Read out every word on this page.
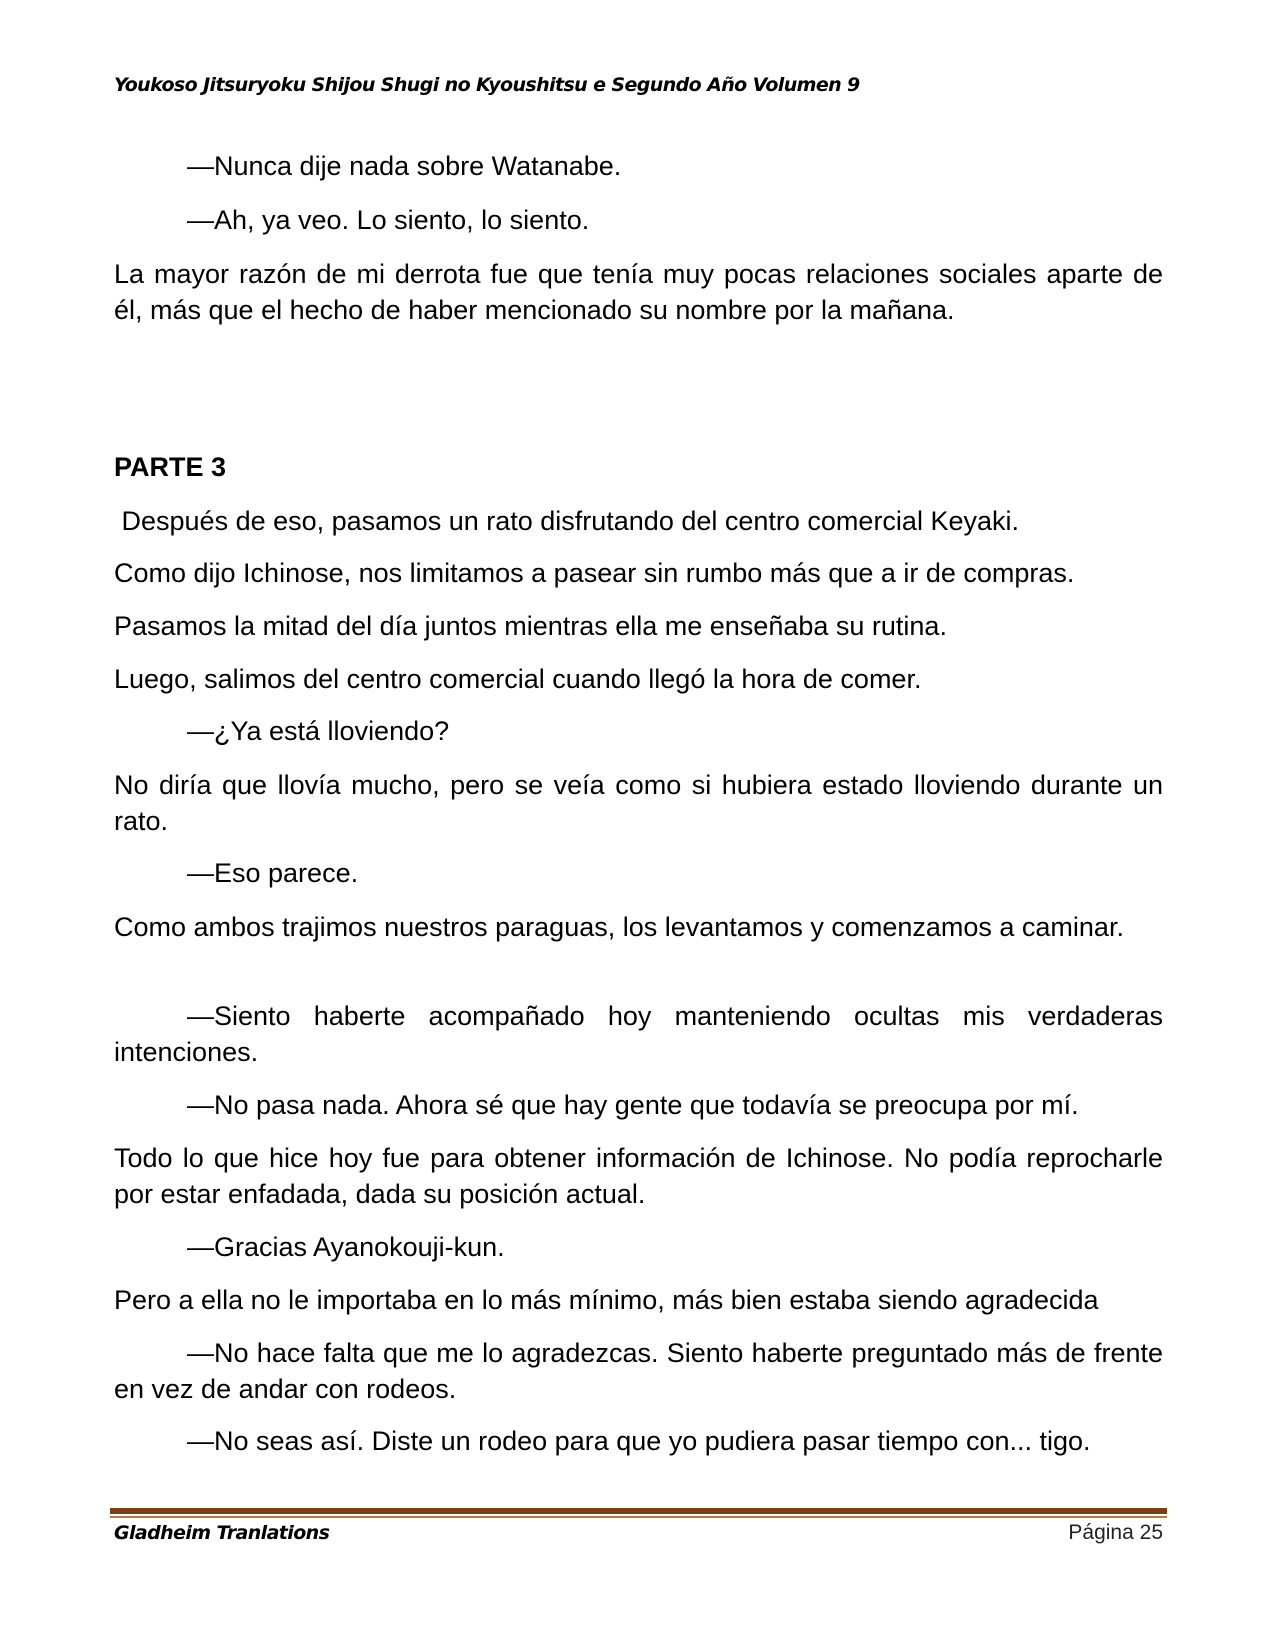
Youkoso Jitsuryoku Shijou Shugi no Kyoushitsu e Segundo Año Volumen 9
—Nunca dije nada sobre Watanabe.
—Ah, ya veo. Lo siento, lo siento.
La mayor razón de mi derrota fue que tenía muy pocas relaciones sociales aparte de él, más que el hecho de haber mencionado su nombre por la mañana.
PARTE 3
Después de eso, pasamos un rato disfrutando del centro comercial Keyaki.
Como dijo Ichinose, nos limitamos a pasear sin rumbo más que a ir de compras.
Pasamos la mitad del día juntos mientras ella me enseñaba su rutina.
Luego, salimos del centro comercial cuando llegó la hora de comer.
—¿Ya está lloviendo?
No diría que llovía mucho, pero se veía como si hubiera estado lloviendo durante un rato.
—Eso parece.
Como ambos trajimos nuestros paraguas, los levantamos y comenzamos a caminar.
—Siento haberte acompañado hoy manteniendo ocultas mis verdaderas intenciones.
—No pasa nada. Ahora sé que hay gente que todavía se preocupa por mí.
Todo lo que hice hoy fue para obtener información de Ichinose. No podía reprocharle por estar enfadada, dada su posición actual.
—Gracias Ayanokouji-kun.
Pero a ella no le importaba en lo más mínimo, más bien estaba siendo agradecida
—No hace falta que me lo agradezcas. Siento haberte preguntado más de frente en vez de andar con rodeos.
—No seas así. Diste un rodeo para que yo pudiera pasar tiempo con... tigo.
Gladheim Tranlations	Página 25
